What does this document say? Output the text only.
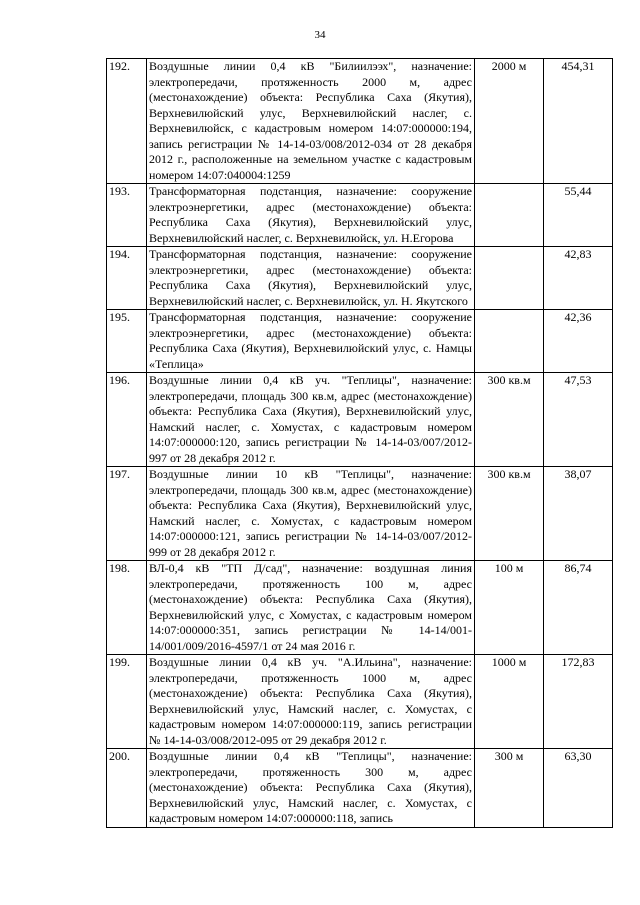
34
192.	Воздушные линии 0,4 кВ "Билиилээх", назначение: электропередачи, протяженность 2000 м, адрес (местонахождение) объекта: Республика Саха (Якутия), Верхневилюйский улус, Верхневилюйский наслег, с. Верхневилюйск, с кадастровым номером 14:07:000000:194, запись регистрации № 14-14-03/008/2012-034 от 28 декабря 2012 г., расположенные на земельном участке с кадастровым номером 14:07:040004:1259	2000 м	454,31
193.	Трансформаторная подстанция, назначение: сооружение электроэнергетики, адрес (местонахождение) объекта: Республика Саха (Якутия), Верхневилюйский улус, Верхневилюйский наслег, с. Верхневилюйск, ул. Н.Егорова		55,44
194.	Трансформаторная подстанция, назначение: сооружение электроэнергетики, адрес (местонахождение) объекта: Республика Саха (Якутия), Верхневилюйский улус, Верхневилюйский наслег, с. Верхневилюйск, ул. Н. Якутского		42,83
195.	Трансформаторная подстанция, назначение: сооружение электроэнергетики, адрес (местонахождение) объекта: Республика Саха (Якутия), Верхневилюйский улус, с. Намцы «Теплица»		42,36
196.	Воздушные линии 0,4 кВ уч. "Теплицы", назначение: электропередачи, площадь 300 кв.м, адрес (местонахождение) объекта: Республика Саха (Якутия), Верхневилюйский улус, Намский наслег, с. Хомустах, с кадастровым номером 14:07:000000:120, запись регистрации № 14-14-03/007/2012-997 от 28 декабря 2012 г.	300 кв.м	47,53
197.	Воздушные линии 10 кВ "Теплицы", назначение: электропередачи, площадь 300 кв.м, адрес (местонахождение) объекта: Республика Саха (Якутия), Верхневилюйский улус, Намский наслег, с. Хомустах, с кадастровым номером 14:07:000000:121, запись регистрации № 14-14-03/007/2012-999 от 28 декабря 2012 г.	300 кв.м	38,07
198.	ВЛ-0,4 кВ "ТП Д/сад", назначение: воздушная линия электропередачи, протяженность 100 м, адрес (местонахождение) объекта: Республика Саха (Якутия), Верхневилюйский улус, с Хомустах, с кадастровым номером 14:07:000000:351, запись регистрации № 14-14/001-14/001/009/2016-4597/1 от 24 мая 2016 г.	100 м	86,74
199.	Воздушные линии 0,4 кВ уч. "А.Ильина", назначение: электропередачи, протяженность 1000 м, адрес (местонахождение) объекта: Республика Саха (Якутия), Верхневилюйский улус, Намский наслег, с. Хомустах, с кадастровым номером 14:07:000000:119, запись регистрации № 14-14-03/008/2012-095 от 29 декабря 2012 г.	1000 м	172,83
200.	Воздушные линии 0,4 кВ "Теплицы", назначение: электропередачи, протяженность 300 м, адрес (местонахождение) объекта: Республика Саха (Якутия), Верхневилюйский улус, Намский наслег, с. Хомустах, с кадастровым номером 14:07:000000:118, запись	300 м	63,30
